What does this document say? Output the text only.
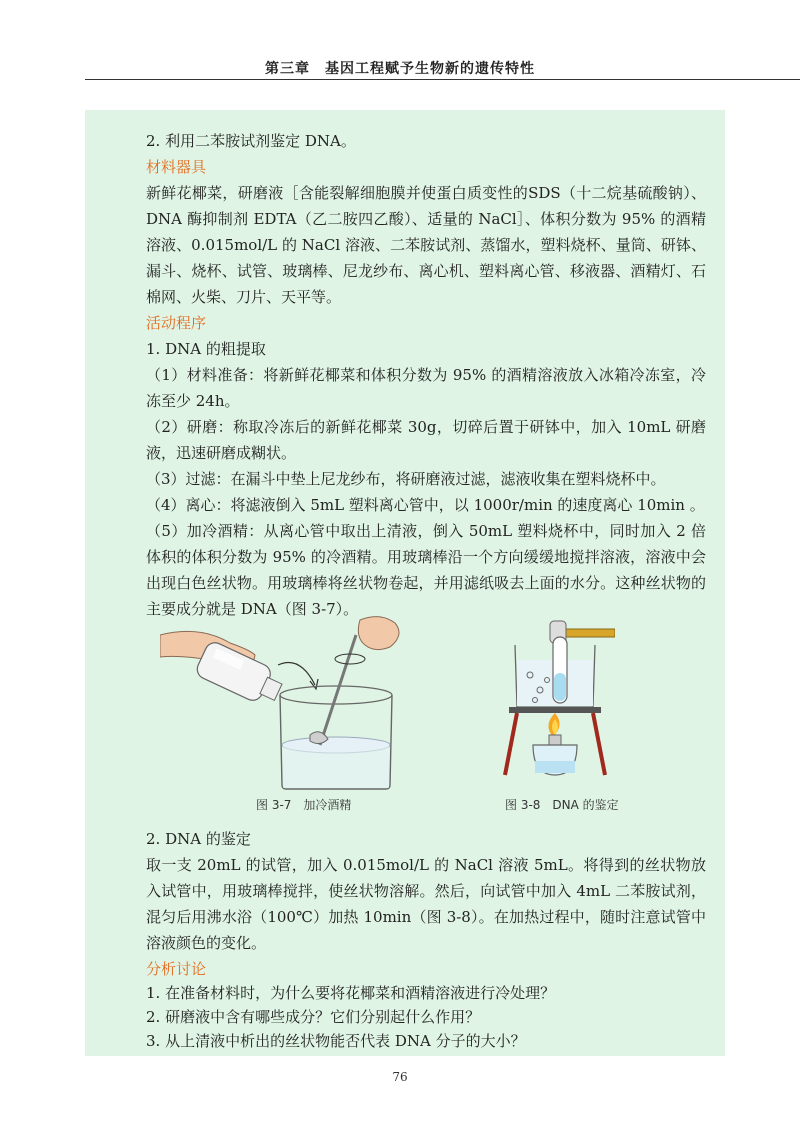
第三章　基因工程赋予生物新的遗传特性
2. 利用二苯胺试剂鉴定 DNA。
材料器具
新鲜花椰菜，研磨液［含能裂解细胞膜并使蛋白质变性的SDS（十二烷基硫酸钠）、DNA 酶抑制剂 EDTA（乙二胺四乙酸）、适量的 NaCl］、体积分数为 95% 的酒精溶液、0.015mol/L 的 NaCl 溶液、二苯胺试剂、蒸馏水，塑料烧杯、量筒、研钵、漏斗、烧杯、试管、玻璃棒、尼龙纱布、离心机、塑料离心管、移液器、酒精灯、石棉网、火柴、刀片、天平等。
活动程序
1. DNA 的粗提取
（1）材料准备：将新鲜花椰菜和体积分数为 95% 的酒精溶液放入冰箱冷冻室，冷冻至少 24h。
（2）研磨：称取冷冻后的新鲜花椰菜 30g，切碎后置于研钵中，加入 10mL 研磨液，迅速研磨成糊状。
（3）过滤：在漏斗中垫上尼龙纱布，将研磨液过滤，滤液收集在塑料烧杯中。
（4）离心：将滤液倒入 5mL 塑料离心管中，以 1000r/min 的速度离心 10min 。
（5）加冷酒精：从离心管中取出上清液，倒入 50mL 塑料烧杯中，同时加入 2 倍体积的体积分数为 95% 的冷酒精。用玻璃棒沿一个方向缓缓地搅拌溶液，溶液中会出现白色丝状物。用玻璃棒将丝状物卷起，并用滤纸吸去上面的水分。这种丝状物的主要成分就是 DNA（图 3-7）。
图 3-7　加冷酒精	图 3-8　DNA 的鉴定
2. DNA 的鉴定
取一支 20mL 的试管，加入 0.015mol/L 的 NaCl 溶液 5mL。将得到的丝状物放入试管中，用玻璃棒搅拌，使丝状物溶解。然后，向试管中加入 4mL 二苯胺试剂，混匀后用沸水浴（100℃）加热 10min（图 3-8）。在加热过程中，随时注意试管中溶液颜色的变化。
分析讨论
1. 在准备材料时，为什么要将花椰菜和酒精溶液进行冷处理？
2. 研磨液中含有哪些成分？它们分别起什么作用？
3. 从上清液中析出的丝状物能否代表 DNA 分子的大小？
76
